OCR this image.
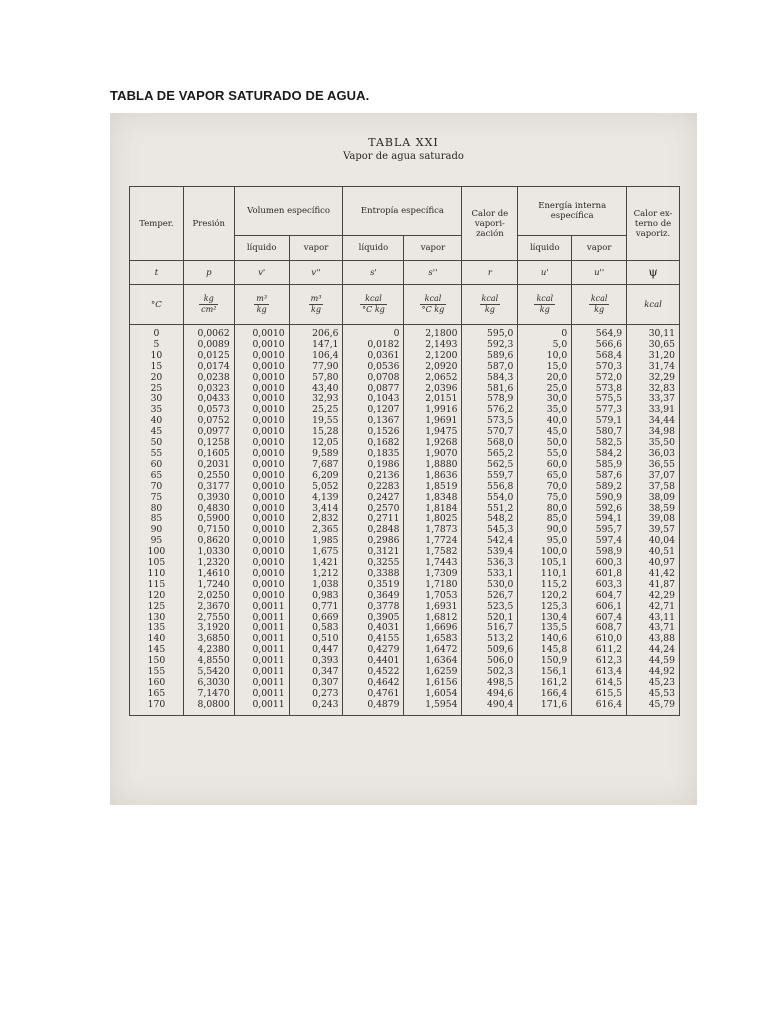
TABLA DE VAPOR SATURADO DE AGUA.
TABLA XXI
Vapor de agua saturado
Temper.	Presión	Volumen específico		Entropía específica		Calor de vapori-zación	Energía interna específica		Calor ex-terno de vaporiz.
		líquido	vapor	líquido	vapor		líquido	vapor	
t	p	v'	v''	s'	s''	r	u'	u''	ψ
°C	$\frac{kg}{\text{cm²}}$	$\frac{\text{m³}}{kg}$	$\frac{\text{m³}}{kg}$	$\frac{\text{kcal}}{\text{°C kg}}$	$\frac{\text{kcal}}{\text{°C kg}}$	$\frac{\text{kcal}}{kg}$	$\frac{\text{kcal}}{kg}$	$\frac{\text{kcal}}{kg}$	kcal
0	0,0062	0,0010	206,6	0	2,1800	595,0	0	564,9	30,11
5	0,0089	0,0010	147,1	0,0182	2,1493	592,3	5,0	566,6	30,65
10	0,0125	0,0010	106,4	0,0361	2,1200	589,6	10,0	568,4	31,20
15	0,0174	0,0010	77,90	0,0536	2,0920	587,0	15,0	570,3	31,74
20	0,0238	0,0010	57,80	0,0708	2,0652	584,3	20,0	572,0	32,29
25	0,0323	0,0010	43,40	0,0877	2,0396	581,6	25,0	573,8	32,83
30	0,0433	0,0010	32,93	0,1043	2,0151	578,9	30,0	575,5	33,37
35	0,0573	0,0010	25,25	0,1207	1,9916	576,2	35,0	577,3	33,91
40	0,0752	0,0010	19,55	0,1367	1,9691	573,5	40,0	579,1	34,44
45	0,0977	0,0010	15,28	0,1526	1,9475	570,7	45,0	580,7	34,98
50	0,1258	0,0010	12,05	0,1682	1,9268	568,0	50,0	582,5	35,50
55	0,1605	0,0010	9,589	0,1835	1,9070	565,2	55,0	584,2	36,03
60	0,2031	0,0010	7,687	0,1986	1,8880	562,5	60,0	585,9	36,55
65	0,2550	0,0010	6,209	0,2136	1,8636	559,7	65,0	587,6	37,07
70	0,3177	0,0010	5,052	0,2283	1,8519	556,8	70,0	589,2	37,58
75	0,3930	0,0010	4,139	0,2427	1,8348	554,0	75,0	590,9	38,09
80	0,4830	0,0010	3,414	0,2570	1,8184	551,2	80,0	592,6	38,59
85	0,5900	0,0010	2,832	0,2711	1,8025	548,2	85,0	594,1	39,08
90	0,7150	0,0010	2,365	0,2848	1,7873	545,3	90,0	595,7	39,57
95	0,8620	0,0010	1,985	0,2986	1,7724	542,4	95,0	597,4	40,04
100	1,0330	0,0010	1,675	0,3121	1,7582	539,4	100,0	598,9	40,51
105	1,2320	0,0010	1,421	0,3255	1,7443	536,3	105,1	600,3	40,97
110	1,4610	0,0010	1,212	0,3388	1,7309	533,1	110,1	601,8	41,42
115	1,7240	0,0010	1,038	0,3519	1,7180	530,0	115,2	603,3	41,87
120	2,0250	0,0010	0,983	0,3649	1,7053	526,7	120,2	604,7	42,29
125	2,3670	0,0011	0,771	0,3778	1,6931	523,5	125,3	606,1	42,71
130	2,7550	0,0011	0,669	0,3905	1,6812	520,1	130,4	607,4	43,11
135	3,1920	0,0011	0,583	0,4031	1,6696	516,7	135,5	608,7	43,71
140	3,6850	0,0011	0,510	0,4155	1,6583	513,2	140,6	610,0	43,88
145	4,2380	0,0011	0,447	0,4279	1,6472	509,6	145,8	611,2	44,24
150	4,8550	0,0011	0,393	0,4401	1,6364	506,0	150,9	612,3	44,59
155	5,5420	0,0011	0,347	0,4522	1,6259	502,3	156,1	613,4	44,92
160	6,3030	0,0011	0,307	0,4642	1,6156	498,5	161,2	614,5	45,23
165	7,1470	0,0011	0,273	0,4761	1,6054	494,6	166,4	615,5	45,53
170	8,0800	0,0011	0,243	0,4879	1,5954	490,4	171,6	616,4	45,79
